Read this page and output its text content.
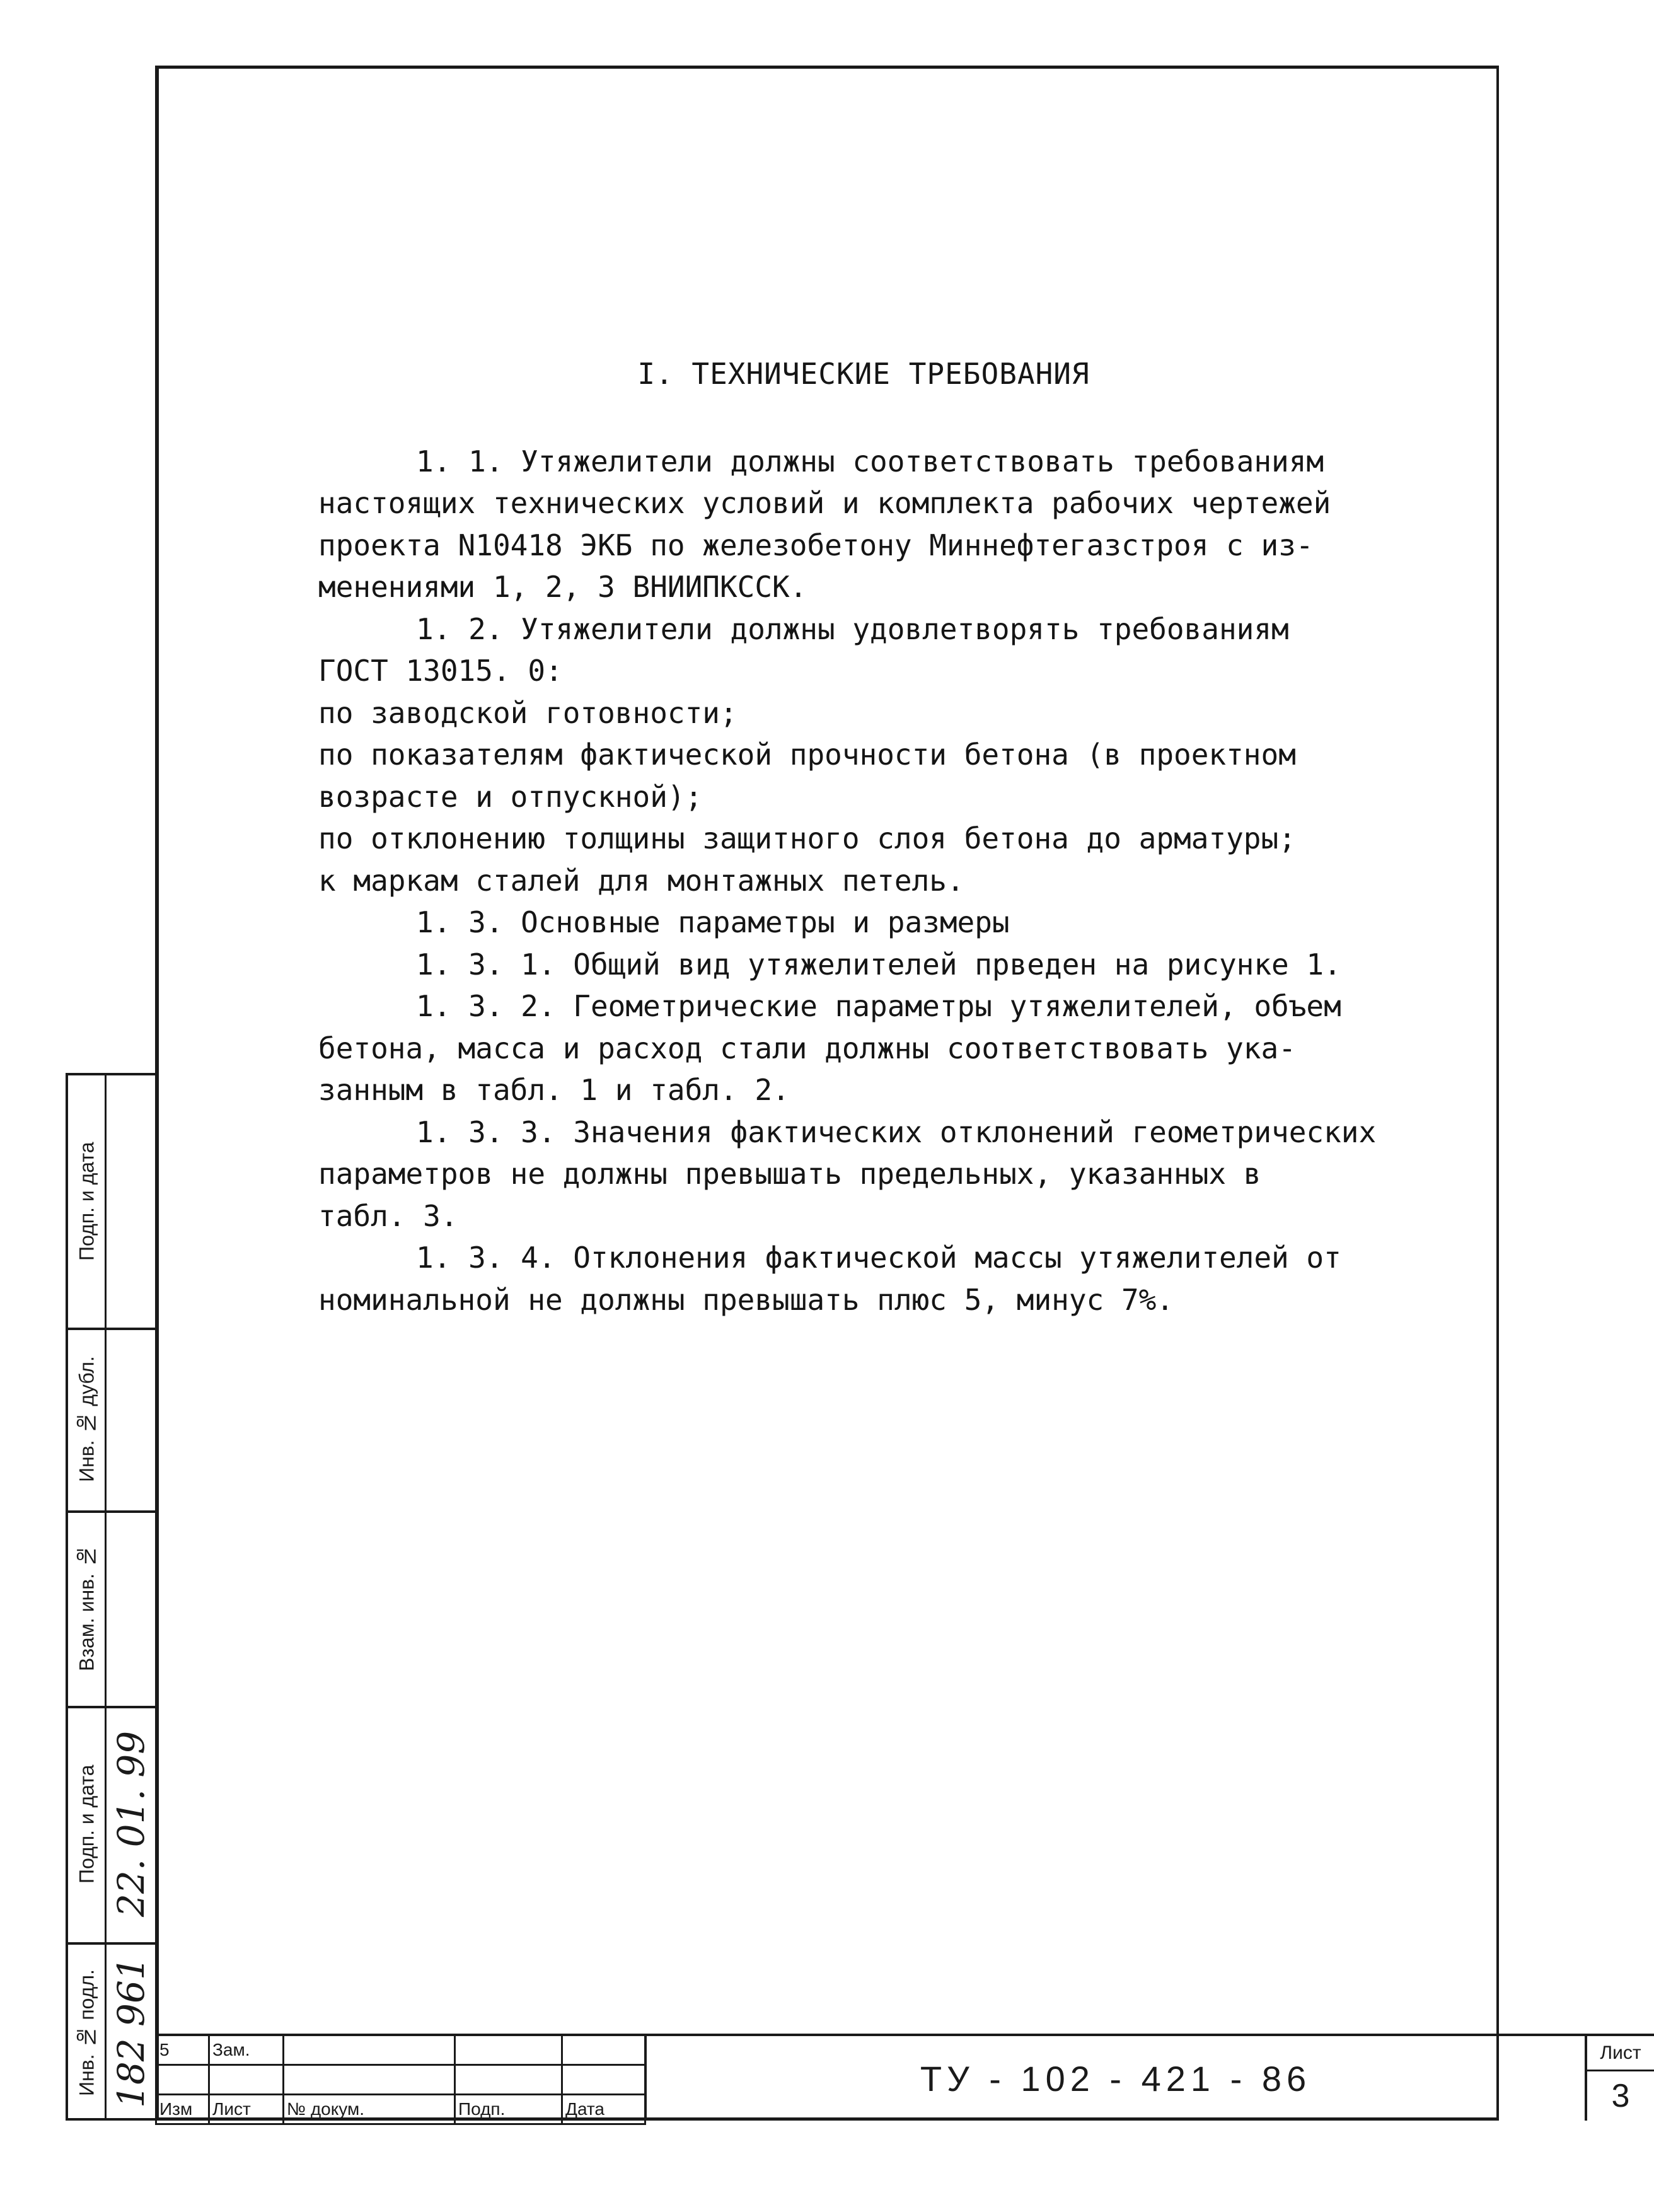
I. ТЕХНИЧЕСКИЕ ТРЕБОВАНИЯ
1. 1. Утяжелители должны соответствовать требованиям
настоящих технических условий и комплекта рабочих чертежей
проекта N10418 ЭКБ по железобетону Миннефтегазстроя с из-
менениями 1, 2, 3 ВНИИПКССК.
1. 2. Утяжелители должны удовлетворять требованиям
ГОСТ 13015. 0:
по заводской готовности;
по показателям фактической прочности бетона (в проектном
возрасте и отпускной);
по отклонению толщины защитного слоя бетона до арматуры;
к маркам сталей для монтажных петель.
1. 3. Основные параметры и размеры
1. 3. 1. Общий вид утяжелителей прведен на рисунке 1.
1. 3. 2. Геометрические параметры утяжелителей, объем
бетона, масса и расход стали должны соответствовать ука-
занным в табл. 1 и табл. 2.
1. 3. 3. Значения фактических отклонений геометрических
параметров не должны превышать предельных, указанных в
табл. 3.
1. 3. 4. Отклонения фактической массы утяжелителей от
номинальной не должны превышать плюс 5, минус 7%.
Инв. № подл.
Подп. и дата
Взам. инв. №
Инв. № дубл.
Подп. и дата
182 961
22. 01. 99
5	Зам.			

Изм	Лист	№ докум.	Подп.	Дата
ТУ - 102 - 421 - 86
Лист
3
